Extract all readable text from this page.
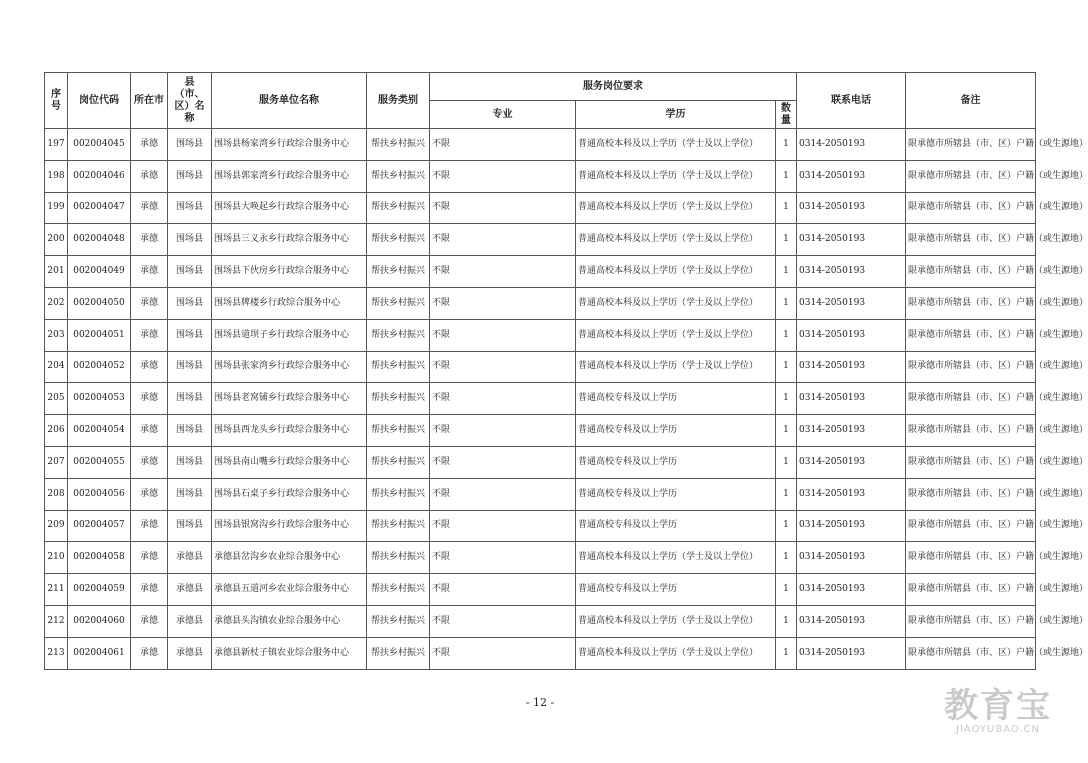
序号	岗位代码	所在市	县（市、区）名称	服务单位名称	服务类别	服务岗位要求			联系电话	备注
						专业	学历	数量		
197	002004045	承德	围场县	围场县杨家湾乡行政综合服务中心	帮扶乡村振兴	不限	普通高校本科及以上学历（学士及以上学位）	1	0314-2050193	限承德市所辖县（市、区）户籍（或生源地）
198	002004046	承德	围场县	围场县郭家湾乡行政综合服务中心	帮扶乡村振兴	不限	普通高校本科及以上学历（学士及以上学位）	1	0314-2050193	限承德市所辖县（市、区）户籍（或生源地）
199	002004047	承德	围场县	围场县大唤起乡行政综合服务中心	帮扶乡村振兴	不限	普通高校本科及以上学历（学士及以上学位）	1	0314-2050193	限承德市所辖县（市、区）户籍（或生源地）
200	002004048	承德	围场县	围场县三义永乡行政综合服务中心	帮扶乡村振兴	不限	普通高校本科及以上学历（学士及以上学位）	1	0314-2050193	限承德市所辖县（市、区）户籍（或生源地）
201	002004049	承德	围场县	围场县下伙房乡行政综合服务中心	帮扶乡村振兴	不限	普通高校本科及以上学历（学士及以上学位）	1	0314-2050193	限承德市所辖县（市、区）户籍（或生源地）
202	002004050	承德	围场县	围场县牌楼乡行政综合服务中心	帮扶乡村振兴	不限	普通高校本科及以上学历（学士及以上学位）	1	0314-2050193	限承德市所辖县（市、区）户籍（或生源地）
203	002004051	承德	围场县	围场县道坝子乡行政综合服务中心	帮扶乡村振兴	不限	普通高校本科及以上学历（学士及以上学位）	1	0314-2050193	限承德市所辖县（市、区）户籍（或生源地）
204	002004052	承德	围场县	围场县张家湾乡行政综合服务中心	帮扶乡村振兴	不限	普通高校本科及以上学历（学士及以上学位）	1	0314-2050193	限承德市所辖县（市、区）户籍（或生源地）
205	002004053	承德	围场县	围场县老窝铺乡行政综合服务中心	帮扶乡村振兴	不限	普通高校专科及以上学历	1	0314-2050193	限承德市所辖县（市、区）户籍（或生源地）
206	002004054	承德	围场县	围场县西龙头乡行政综合服务中心	帮扶乡村振兴	不限	普通高校专科及以上学历	1	0314-2050193	限承德市所辖县（市、区）户籍（或生源地）
207	002004055	承德	围场县	围场县南山嘴乡行政综合服务中心	帮扶乡村振兴	不限	普通高校专科及以上学历	1	0314-2050193	限承德市所辖县（市、区）户籍（或生源地）
208	002004056	承德	围场县	围场县石桌子乡行政综合服务中心	帮扶乡村振兴	不限	普通高校专科及以上学历	1	0314-2050193	限承德市所辖县（市、区）户籍（或生源地）
209	002004057	承德	围场县	围场县银窝沟乡行政综合服务中心	帮扶乡村振兴	不限	普通高校专科及以上学历	1	0314-2050193	限承德市所辖县（市、区）户籍（或生源地）
210	002004058	承德	承德县	承德县岔沟乡农业综合服务中心	帮扶乡村振兴	不限	普通高校本科及以上学历（学士及以上学位）	1	0314-2050193	限承德市所辖县（市、区）户籍（或生源地）
211	002004059	承德	承德县	承德县五道河乡农业综合服务中心	帮扶乡村振兴	不限	普通高校专科及以上学历	1	0314-2050193	限承德市所辖县（市、区）户籍（或生源地）
212	002004060	承德	承德县	承德县头沟镇农业综合服务中心	帮扶乡村振兴	不限	普通高校本科及以上学历（学士及以上学位）	1	0314-2050193	限承德市所辖县（市、区）户籍（或生源地）
213	002004061	承德	承德县	承德县新杖子镇农业综合服务中心	帮扶乡村振兴	不限	普通高校本科及以上学历（学士及以上学位）	1	0314-2050193	限承德市所辖县（市、区）户籍（或生源地）
- 12 -	教育宝
JIAOYUBAO.CN
